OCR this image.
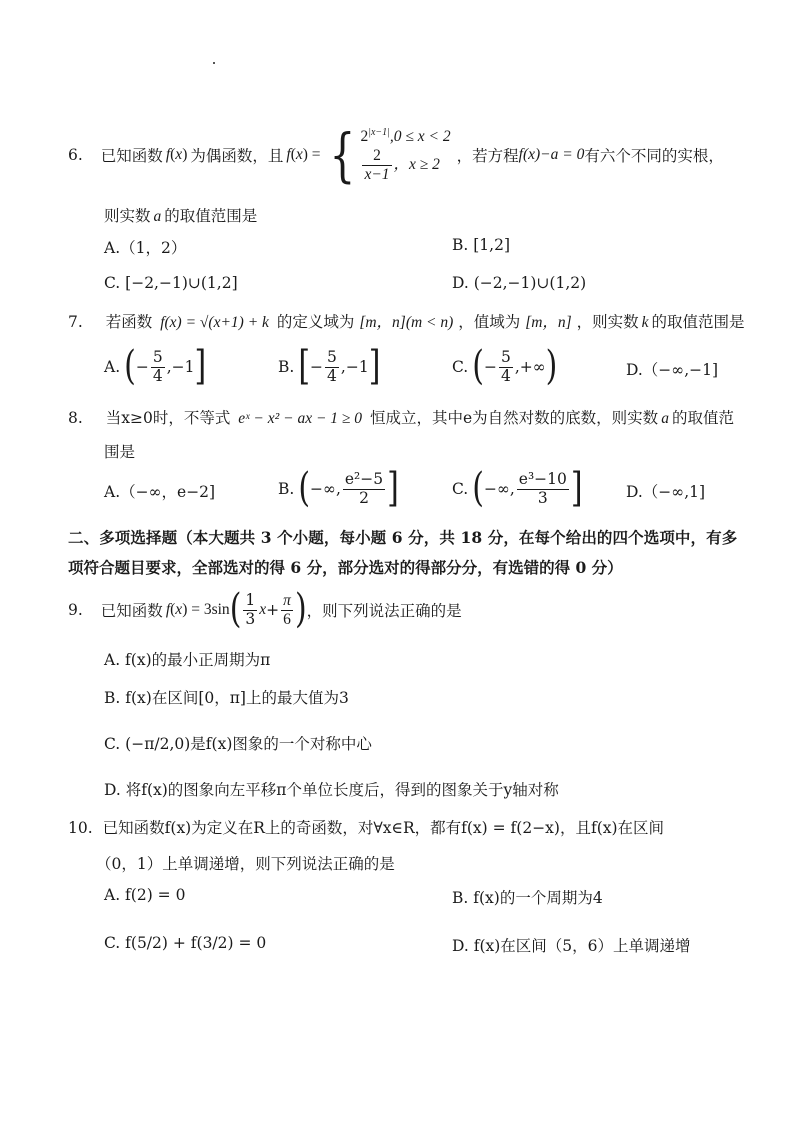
6. 已知函数 f(x) 为偶函数，且 f(x) = { $2^{|x-1|},0 \le x < 2$
$\frac{2}{x-1}$ ，x ≥ 2	，若方程 f(x)−a = 0 有六个不同的实根，
则实数 a 的取值范围是
A.（1，2）	B. [1,2]
C. [−2,−1)∪(1,2]	D. (−2,−1)∪(1,2)
7. 若函数 f(x) = √(x+1) + k 的定义域为 [m，n](m < n) ，值域为 [m，n] ，则实数 k 的取值范围是
A. ( − $\frac{5}{4} ,-1$ ]	B. [ − $\frac{5}{4} ,-1$ ]	C. ( − $\frac{5}{4}$ ,+∞ )	D.（−∞,−1]
8. 当x≥0时，不等式 eˣ − x² − ax − 1 ≥ 0 恒成立，其中e为自然对数的底数，则实数 a 的取值范
围是
A.（−∞，e−2]	B. ( −∞, $\frac{\text{e²−5}}{2}$ ]	C. ( −∞, $\frac{\text{e³−10}}{3}$ ]	D.（−∞,1]
二、多项选择题（本大题共 3 个小题，每小题 6 分，共 18 分，在每个给出的四个选项中，有多
项符合题目要求，全部选对的得 6 分，部分选对的得部分分，有选错的得 0 分）
9. 已知函数 f(x) = 3sin ( $\frac{1}{3}$ $x + \frac{\pi}{6}$ ) ，则下列说法正确的是
A. f(x)的最小正周期为π
B. f(x)在区间[0，π]上的最大值为3
C. (−π/2,0)是f(x)图象的一个对称中心
D. 将f(x)的图象向左平移π个单位长度后，得到的图象关于y轴对称
10. 已知函数f(x)为定义在R上的奇函数，对∀x∈R，都有f(x) = f(2−x)，且f(x)在区间
（0，1）上单调递增，则下列说法正确的是
A. f(2) = 0	B. f(x)的一个周期为4
C. f(5/2) + f(3/2) = 0	D. f(x)在区间（5，6）上单调递增
